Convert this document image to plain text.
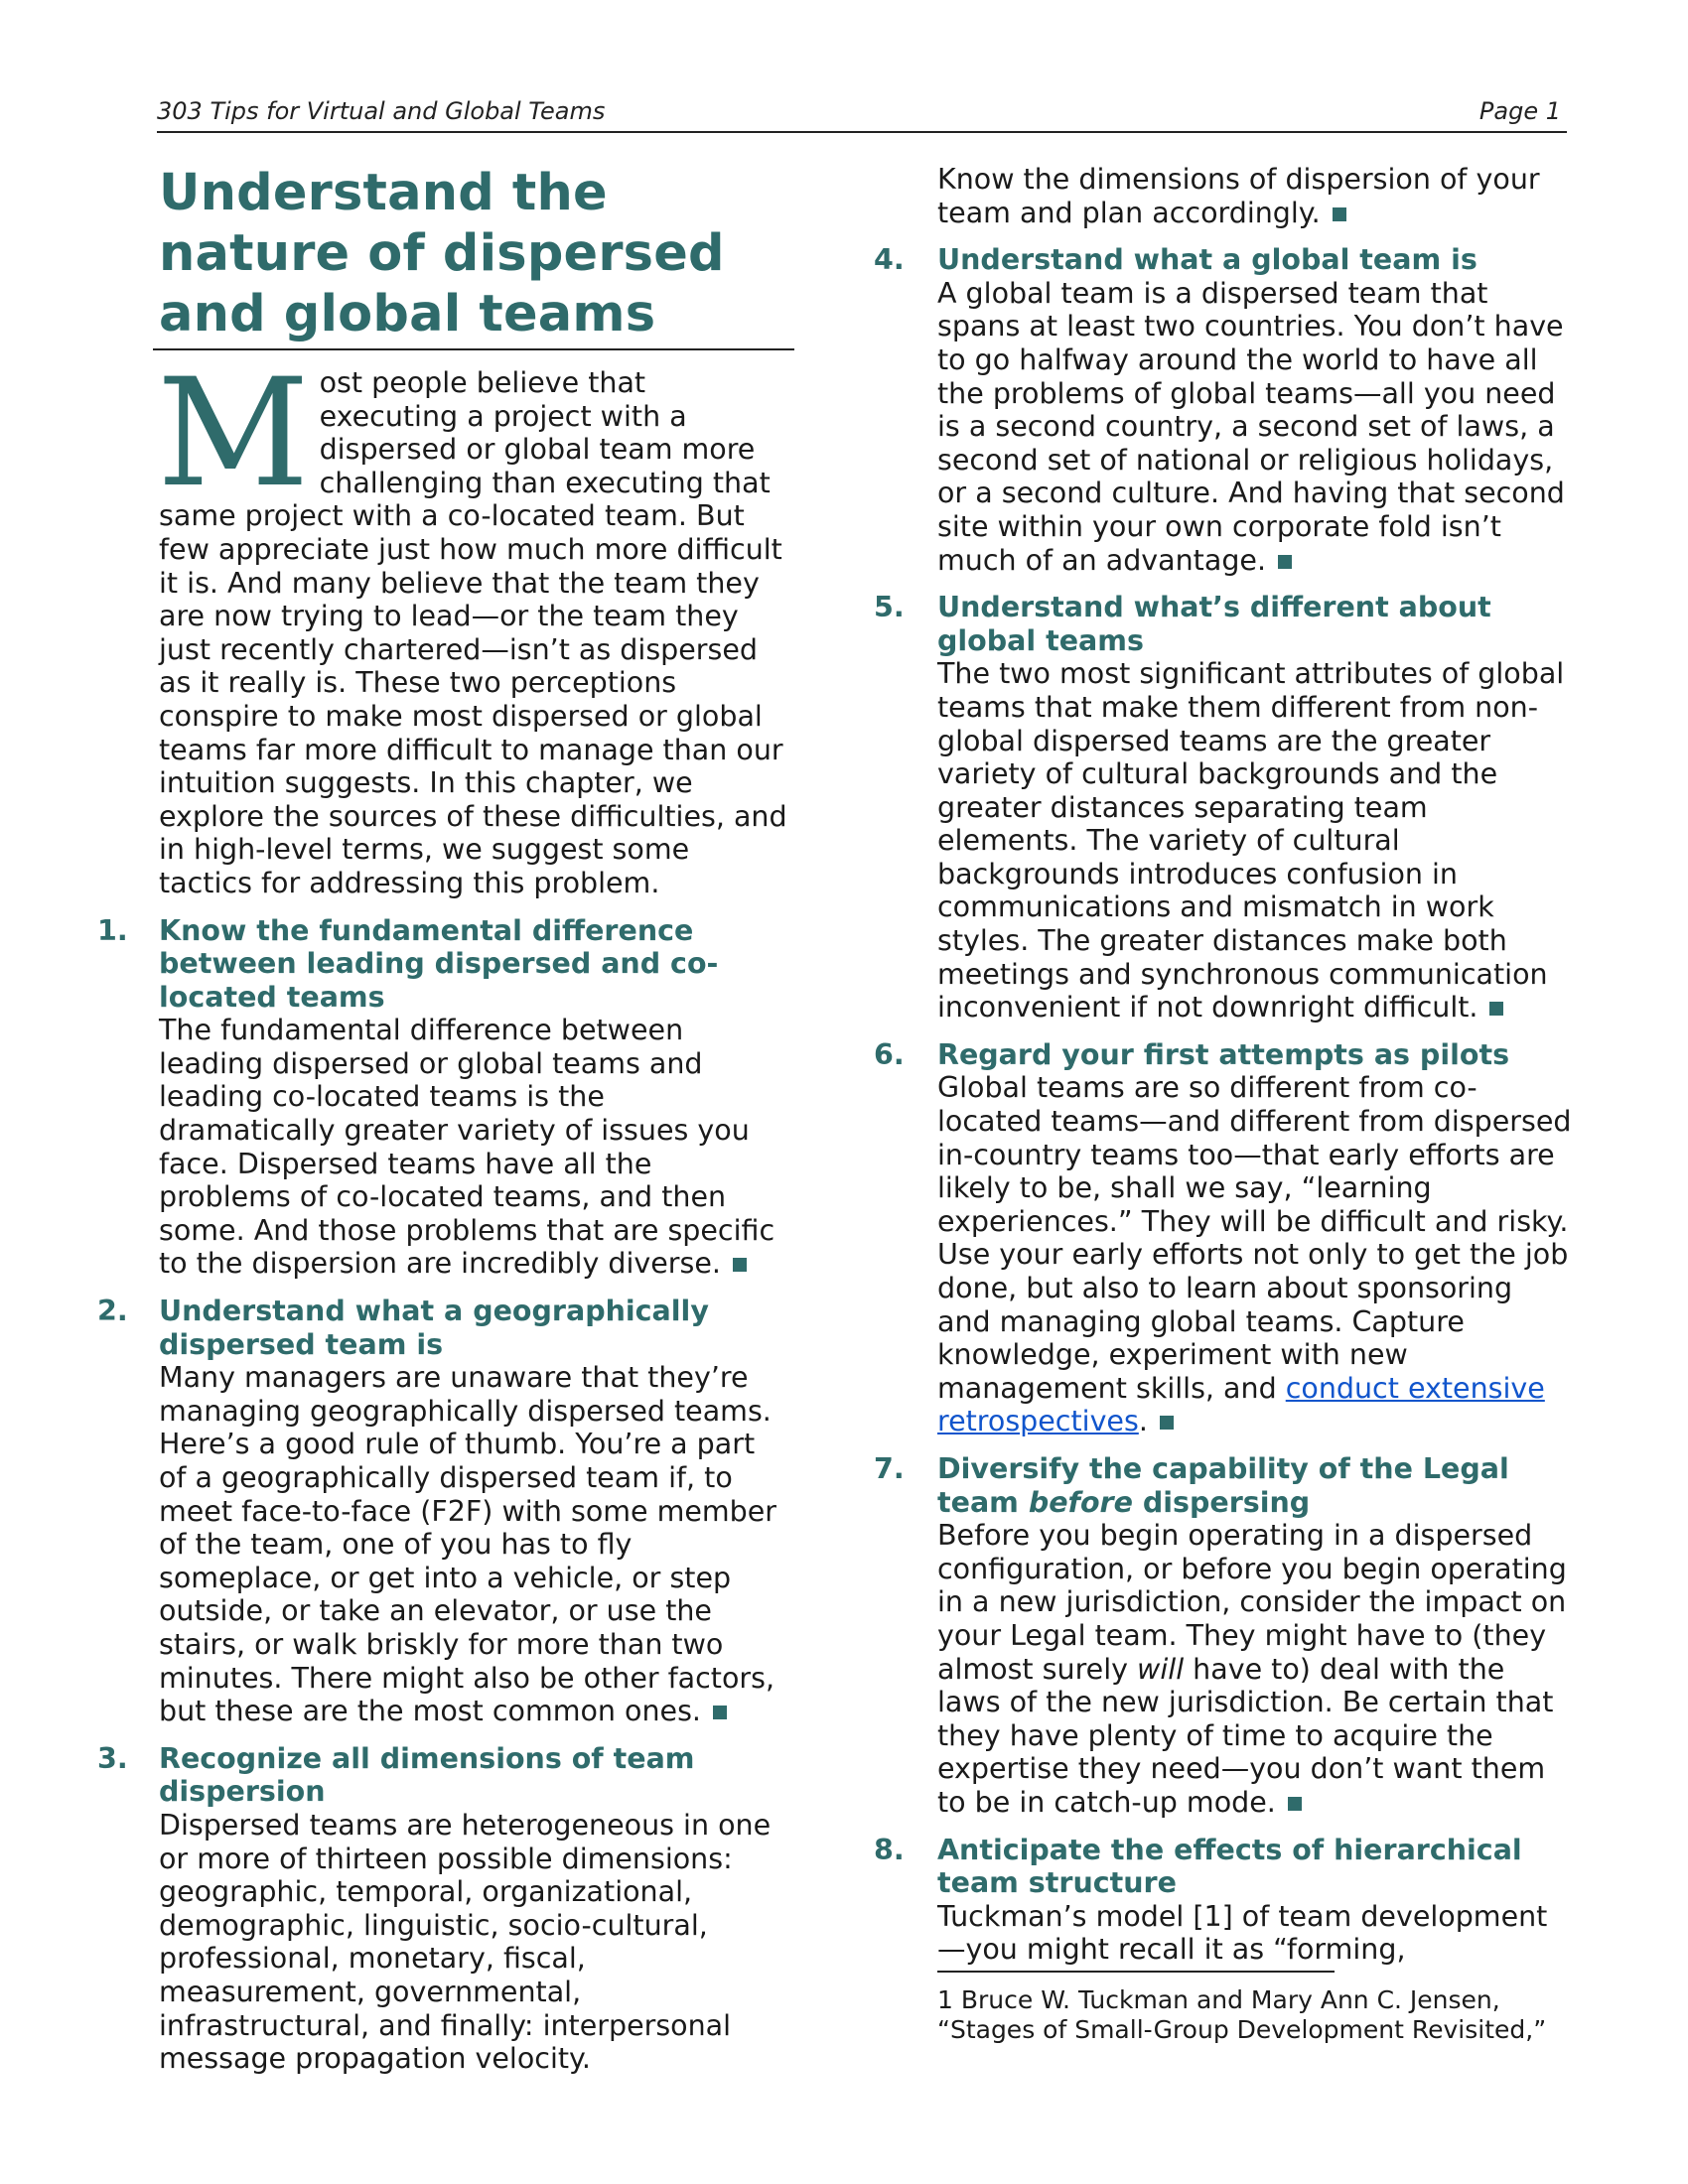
303 Tips for Virtual and Global Teams	Page 1
Understand the
nature of dispersed
and global teams
Most people believe that executing a project with a dispersed or global team more challenging than executing that same project with a co-located team. But few appreciate just how much more difficult it is. And many believe that the team they are now trying to lead—or the team they just recently chartered—isn’t as dispersed as it really is. These two perceptions conspire to make most dispersed or global teams far more difficult to manage than our intuition suggests. In this chapter, we explore the sources of these difficulties, and in high-level terms, we suggest some tactics for addressing this problem.
1. Know the fundamental difference between leading dispersed and co-located teams
The fundamental difference between leading dispersed or global teams and leading co-located teams is the dramatically greater variety of issues you face. Dispersed teams have all the problems of co-located teams, and then some. And those problems that are specific to the dispersion are incredibly diverse.
2. Understand what a geographically dispersed team is
Many managers are unaware that they’re managing geographically dispersed teams. Here’s a good rule of thumb. You’re a part of a geographically dispersed team if, to meet face-to-face (F2F) with some member of the team, one of you has to fly someplace, or get into a vehicle, or step outside, or take an elevator, or use the stairs, or walk briskly for more than two minutes. There might also be other factors, but these are the most common ones.
3. Recognize all dimensions of team dispersion
Dispersed teams are heterogeneous in one or more of thirteen possible dimensions: geographic, temporal, organizational, demographic, linguistic, socio-cultural, professional, monetary, fiscal, measurement, governmental, infrastructural, and finally: interpersonal message propagation velocity.
Know the dimensions of dispersion of your team and plan accordingly.
4. Understand what a global team is
A global team is a dispersed team that spans at least two countries. You don’t have to go halfway around the world to have all the problems of global teams—all you need is a second country, a second set of laws, a second set of national or religious holidays, or a second culture. And having that second site within your own corporate fold isn’t much of an advantage.
5. Understand what’s different about global teams
The two most significant attributes of global teams that make them different from non-global dispersed teams are the greater variety of cultural backgrounds and the greater distances separating team elements. The variety of cultural backgrounds introduces confusion in communications and mismatch in work styles. The greater distances make both meetings and synchronous communication inconvenient if not downright difficult.
6. Regard your first attempts as pilots
Global teams are so different from co-located teams—and different from dispersed in-country teams too—that early efforts are likely to be, shall we say, “learning experiences.” They will be difficult and risky. Use your early efforts not only to get the job done, but also to learn about sponsoring and managing global teams. Capture knowledge, experiment with new management skills, and conduct extensive retrospectives.
7. Diversify the capability of the Legal team before dispersing
Before you begin operating in a dispersed configuration, or before you begin operating in a new jurisdiction, consider the impact on your Legal team. They might have to (they almost surely will have to) deal with the laws of the new jurisdiction. Be certain that they have plenty of time to acquire the expertise they need—you don’t want them to be in catch-up mode.
8. Anticipate the effects of hierarchical team structure
Tuckman’s model [1] of team development—you might recall it as “forming,
1 Bruce W. Tuckman and Mary Ann C. Jensen, “Stages of Small-Group Development Revisited,”
